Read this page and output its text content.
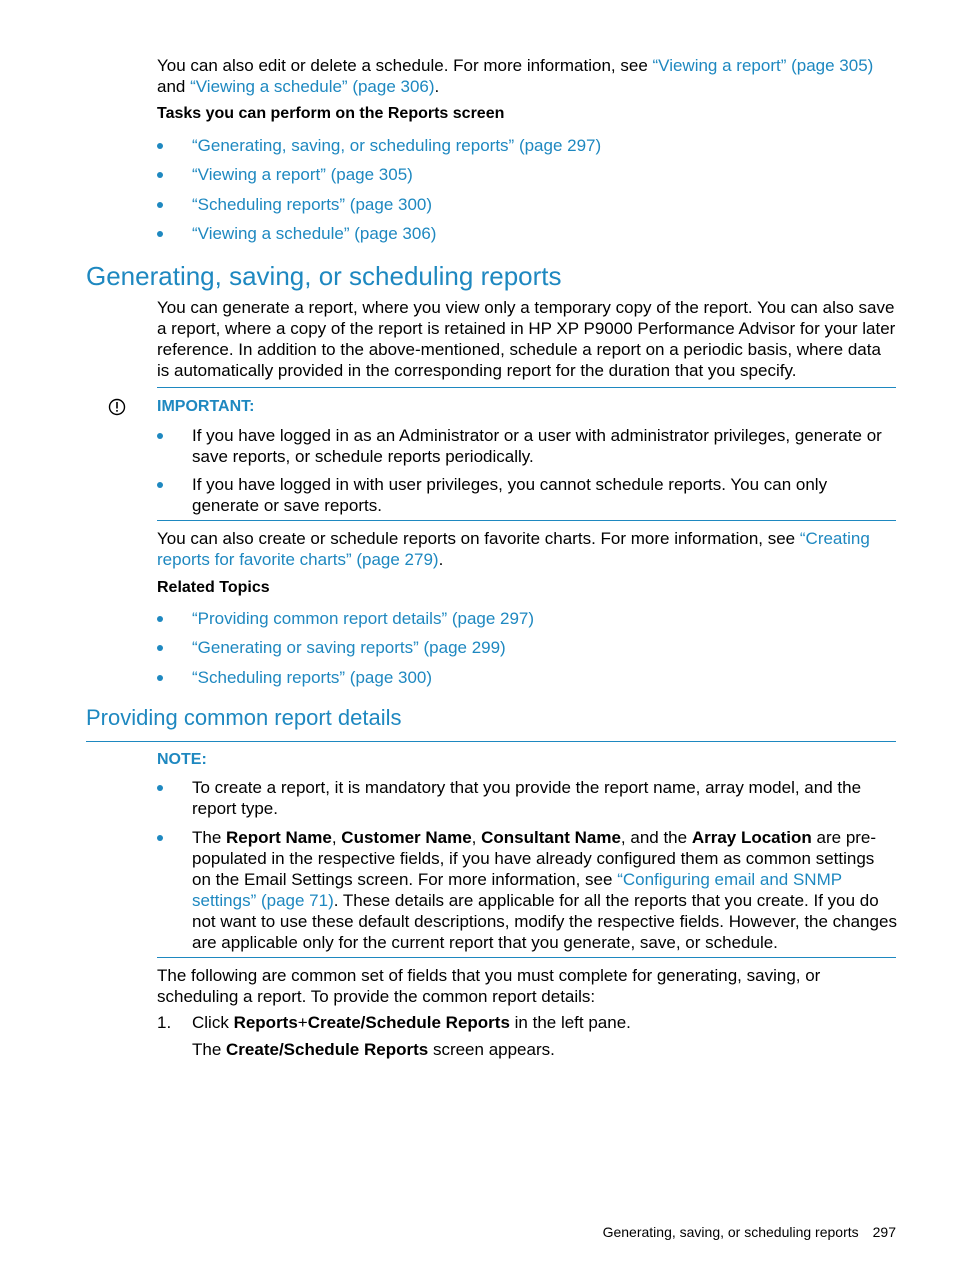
You can also edit or delete a schedule. For more information, see “Viewing a report” (page 305)
and “Viewing a schedule” (page 306).

Tasks you can perform on the Reports screen
“Generating, saving, or scheduling reports” (page 297)
“Viewing a report” (page 305)
“Scheduling reports” (page 300)
“Viewing a schedule” (page 306)
Generating, saving, or scheduling reports

You can generate a report, where you view only a temporary copy of the report. You can also save a report, where a copy of the report is retained in HP XP P9000 Performance Advisor for your later reference. In addition to the above-mentioned, schedule a report on a periodic basis, where data is automatically provided in the corresponding report for the duration that you specify.

IMPORTANT:
If you have logged in as an Administrator or a user with administrator privileges, generate or save reports, or schedule reports periodically.
If you have logged in with user privileges, you cannot schedule reports. You can only generate or save reports.

You can also create or schedule reports on favorite charts. For more information, see “Creating reports for favorite charts” (page 279).

Related Topics
“Providing common report details” (page 297)
“Generating or saving reports” (page 299)
“Scheduling reports” (page 300)
Providing common report details
NOTE:
To create a report, it is mandatory that you provide the report name, array model, and the report type.
The Report Name, Customer Name, Consultant Name, and the Array Location are pre-populated in the respective fields, if you have already configured them as common settings on the Email Settings screen. For more information, see “Configuring email and SNMP settings” (page 71). These details are applicable for all the reports that you create. If you do not want to use these default descriptions, modify the respective fields. However, the changes are applicable only for the current report that you generate, save, or schedule.

The following are common set of fields that you must complete for generating, saving, or scheduling a report. To provide the common report details:

1. Click Reports+Create/Schedule Reports in the left pane.
The Create/Schedule Reports screen appears.
Generating, saving, or scheduling reports 297
